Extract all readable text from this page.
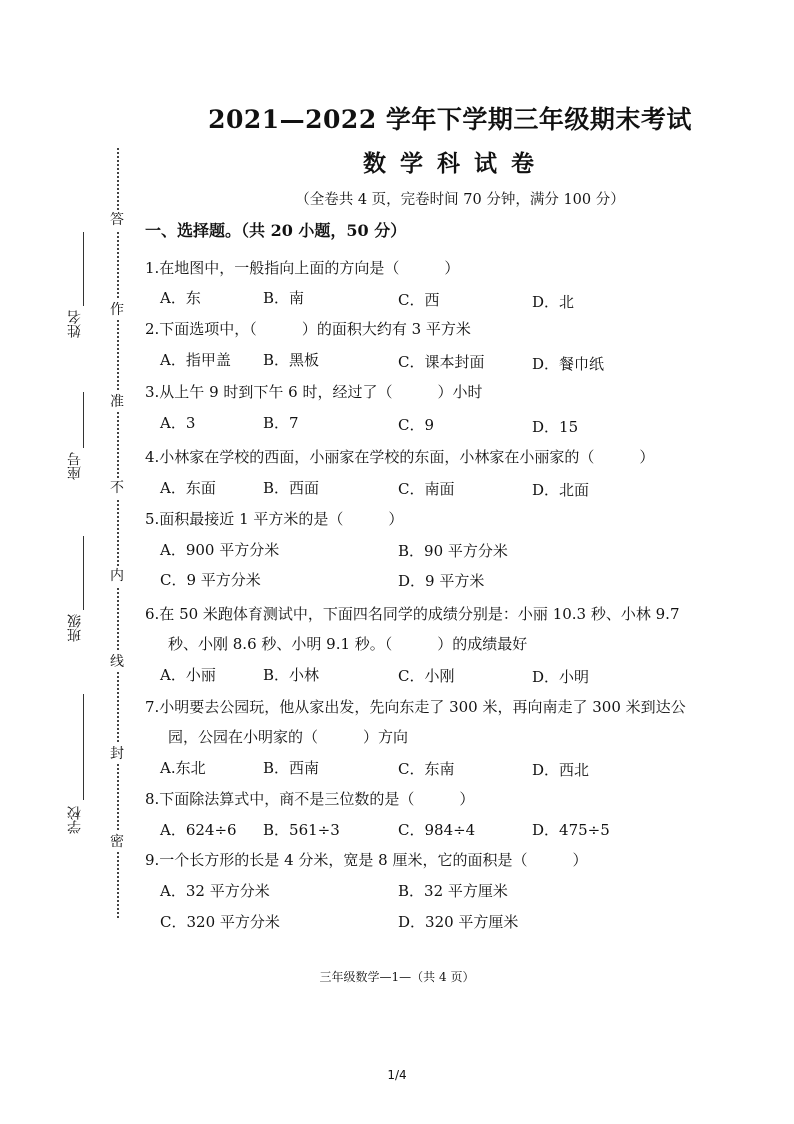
答
作
准
不
内
线
封
密
姓名
座号
班级
学校
2021—2022 学年下学期三年级期末考试
数 学 科 试 卷
（全卷共 4 页，完卷时间 70 分钟，满分 100 分）
一、选择题。（共 20 小题，50 分）
1.在地图中，一般指向上面的方向是（　　　）
A．东	B．南	C．西	D．北
2.下面选项中，（　　　）的面积大约有 3 平方米
A．指甲盖 B．黑板	C．课本封面	D．餐巾纸
3.从上午 9 时到下午 6 时，经过了（　　　）小时
A．3	B．7	C．9	D．15
4.小林家在学校的西面，小丽家在学校的东面，小林家在小丽家的（　　　）
A．东面	B．西面	C．南面	D．北面
5.面积最接近 1 平方米的是（　　　）
A．900 平方分米	B．90 平方分米
C．9 平方分米	D．9 平方米
6.在 50 米跑体育测试中，下面四名同学的成绩分别是：小丽 10.3 秒、小林 9.7
秒、小刚 8.6 秒、小明 9.1 秒。（　　　）的成绩最好
A．小丽	B．小林	C．小刚	D．小明
7.小明要去公园玩，他从家出发，先向东走了 300 米，再向南走了 300 米到达公
园，公园在小明家的（　　　）方向
A.东北	B．西南	C．东南	D．西北
8.下面除法算式中，商不是三位数的是（　　　）
A．624÷6 B．561÷3	C．984÷4	D．475÷5
9.一个长方形的长是 4 分米，宽是 8 厘米，它的面积是（　　　）
A．32 平方分米	B．32 平方厘米
C．320 平方分米	D．320 平方厘米
三年级数学—1—（共 4 页）
1/4
